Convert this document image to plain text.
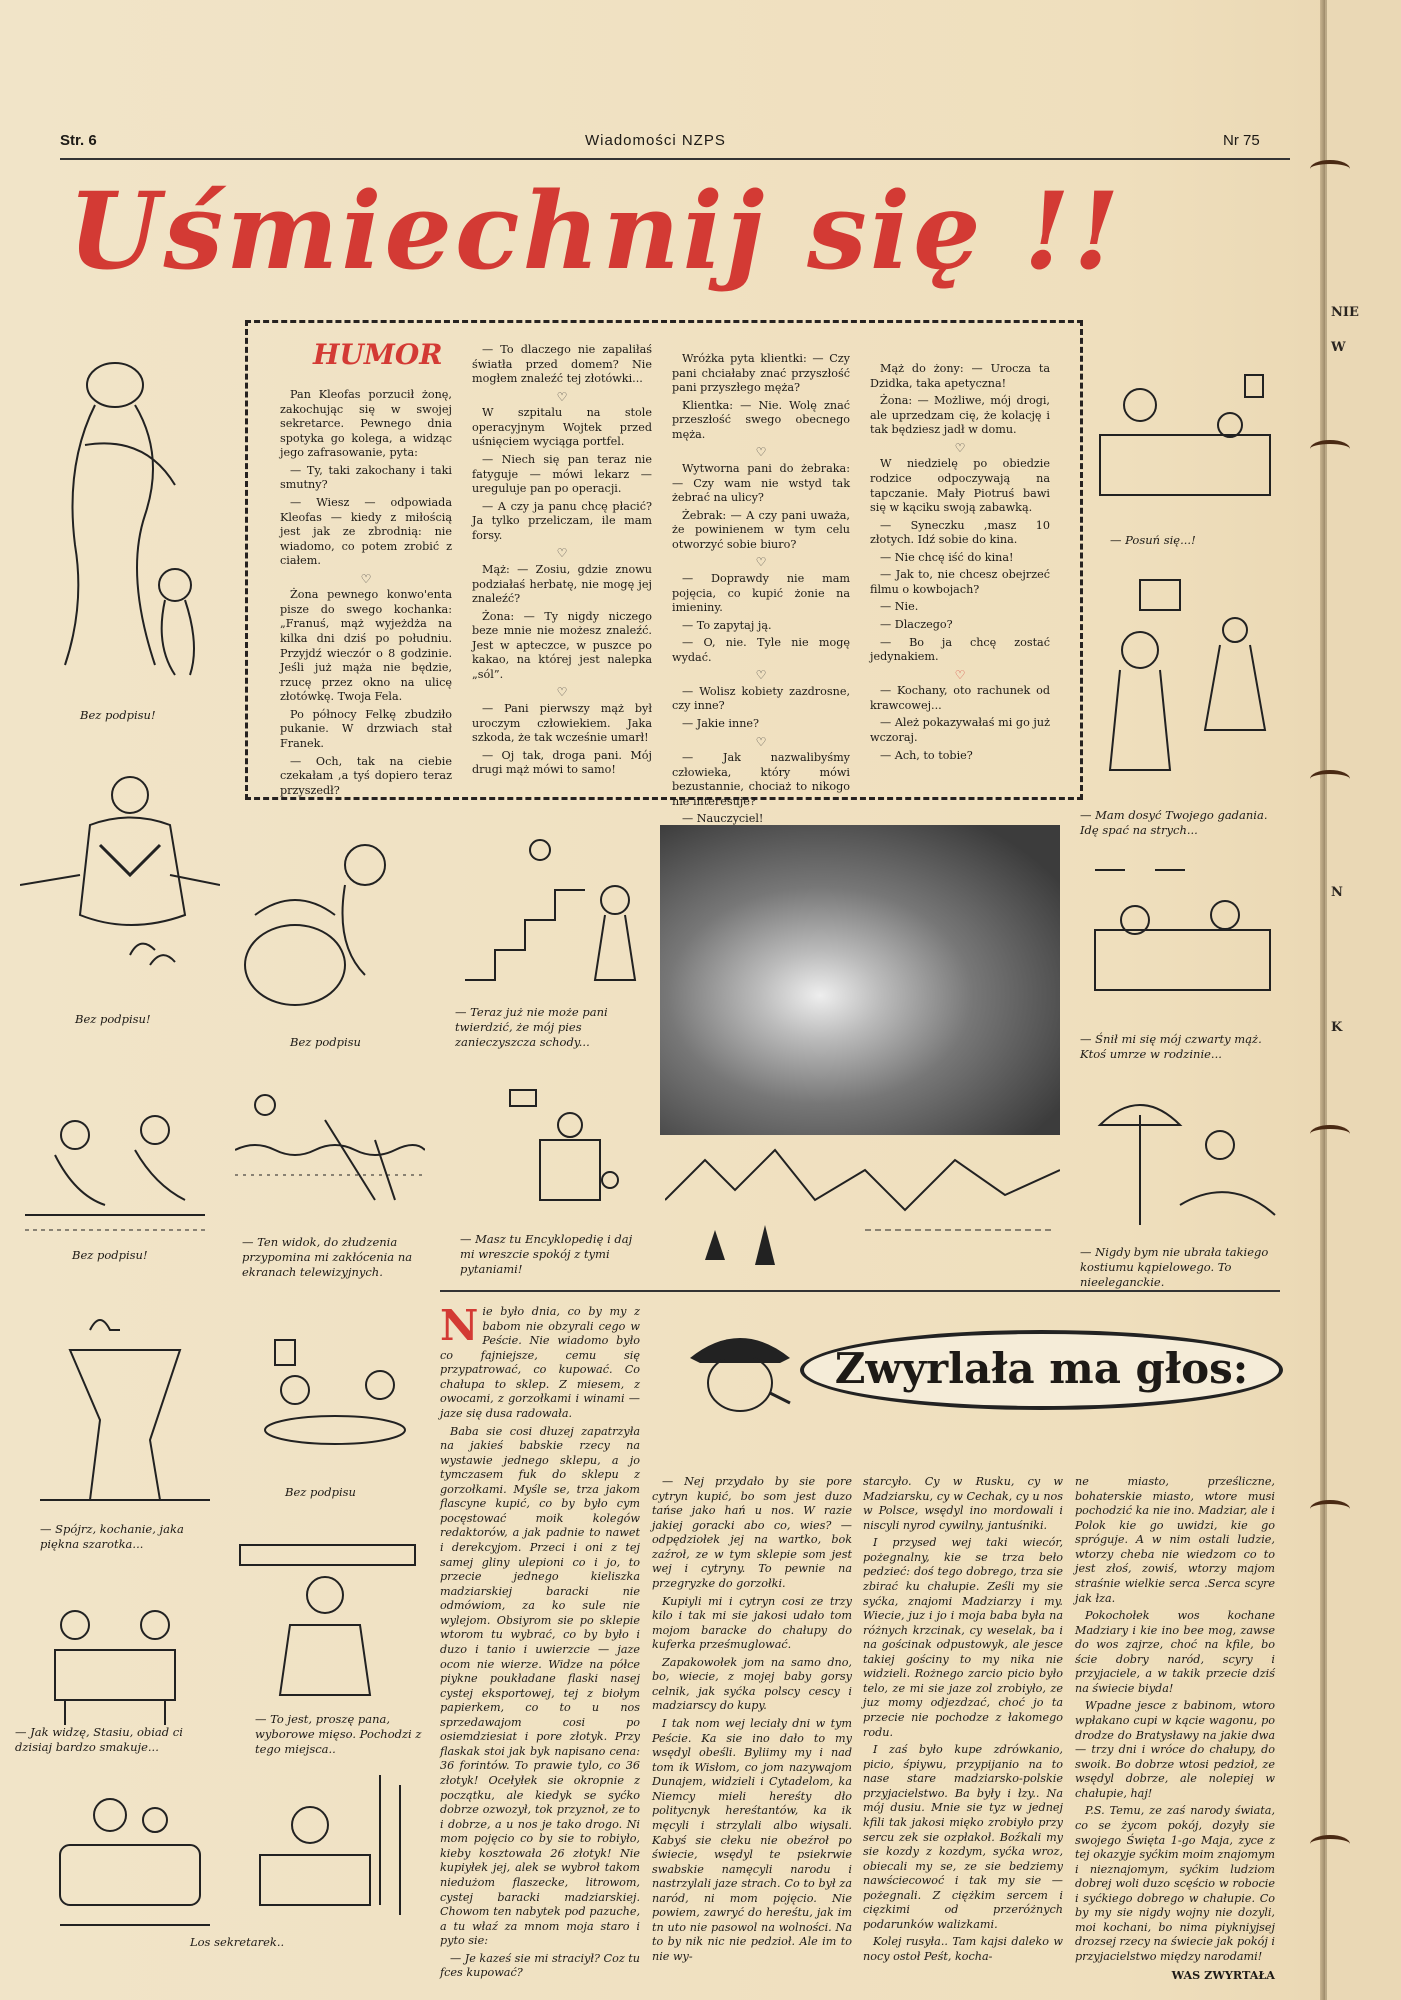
Str. 6	Wiadomości NZPS	Nr 75
Uśmiechnij się !!
HUMOR

Pan Kleofas porzucił żonę, zakochując się w swojej sekretarce. Pewnego dnia spotyka go kolega, a widząc jego zafrasowanie, pyta:

— Ty, taki zakochany i taki smutny?

— Wiesz — odpowiada Kleofas — kiedy z miłością jest jak ze zbrodnią: nie wiadomo, co potem zrobić z ciałem.

♡

Żona pewnego konwo'enta pisze do swego kochanka: „Franuś, mąż wyjeżdża na kilka dni dziś po południu. Przyjdź wieczór o 8 godzinie. Jeśli już mąża nie będzie, rzucę przez okno na ulicę złotówkę. Twoja Fela.

Po północy Felkę zbudziło pukanie. W drzwiach stał Franek.

— Och, tak na ciebie czekałam ,a tyś dopiero teraz przyszedł?

— To dlaczego nie zapaliłaś światła przed domem? Nie mogłem znaleźć tej złotówki...

♡

W szpitalu na stole operacyjnym Wojtek przed uśnięciem wyciąga portfel.

— Niech się pan teraz nie fatyguje — mówi lekarz — ureguluje pan po operacji.

— A czy ja panu chcę płacić? Ja tylko przeliczam, ile mam forsy.

♡

Mąż: — Zosiu, gdzie znowu podziałaś herbatę, nie mogę jej znaleźć?

Żona: — Ty nigdy niczego beze mnie nie możesz znaleźć. Jest w apteczce, w puszce po kakao, na której jest nalepka „sól”.

♡

— Pani pierwszy mąż był uroczym człowiekiem. Jaka szkoda, że tak wcześnie umarł!

— Oj tak, droga pani. Mój drugi mąż mówi to samo!

Wróżka pyta klientki: — Czy pani chciałaby znać przyszłość pani przyszłego męża?

Klientka: — Nie. Wolę znać przeszłość swego obecnego męża.

♡

Wytworna pani do żebraka: — Czy wam nie wstyd tak żebrać na ulicy?

Żebrak: — A czy pani uważa, że powinienem w tym celu otworzyć sobie biuro?

♡

— Doprawdy nie mam pojęcia, co kupić żonie na imieniny.

— To zapytaj ją.

— O, nie. Tyle nie mogę wydać.

♡

— Wolisz kobiety zazdrosne, czy inne?

— Jakie inne?

♡

— Jak nazwalibyśmy człowieka, który mówi bezustannie, chociaż to nikogo nie interesuje?

— Nauczyciel!

Mąż do żony: — Urocza ta Dzidka, taka apetyczna!

Żona: — Możliwe, mój drogi, ale uprzedzam cię, że kolację i tak będziesz jadł w domu.

♡

W niedzielę po obiedzie rodzice odpoczywają na tapczanie. Mały Piotruś bawi się w kąciku swoją zabawką.

— Syneczku ,masz 10 złotych. Idź sobie do kina.

— Nie chcę iść do kina!

— Jak to, nie chcesz obejrzeć filmu o kowbojach?

— Nie.

— Dlaczego?

— Bo ja chcę zostać jedynakiem.

♡

— Kochany, oto rachunek od krawcowej...

— Ależ pokazywałaś mi go już wczoraj.

— Ach, to tobie?

Bez podpisu!
Bez podpisu!
Bez podpisu!
— Spójrz, kochanie, jaka piękna szarotka...
— Jak widzę, Stasiu, obiad ci dzisiaj bardzo smakuje...
Bez podpisu
— Ten widok, do złudzenia przypomina mi zakłócenia na ekranach telewizyjnych.
Bez podpisu
— To jest, proszę pana, wyborowe mięso. Pochodzi z tego miejsca..
Los sekretarek..
— Teraz już nie może pani twierdzić, że mój pies zanieczyszcza schody...
— Masz tu Encyklopedię i daj mi wreszcie spokój z tymi pytaniami!
— Posuń się...!
— Mam dosyć Twojego gadania. Idę spać na strych...
— Śnił mi się mój czwarty mąż. Ktoś umrze w rodzinie...
— Nigdy bym nie ubrała takiego kostiumu kąpielowego. To nieeleganckie.
Zwyrlała ma głos:

Nie było dnia, co by my z babom nie obzyrali cego w Peście. Nie wiadomo było co fajniejsze, cemu się przypatrować, co kupować. Co chałupa to sklep. Z miesem, z owocami, z gorzołkami i winami — jaze się dusa radowała.

Baba sie cosi dłuzej zapatrzyła na jakieś babskie rzecy na wystawie jednego sklepu, a jo tymczasem fuk do sklepu z gorzołkami. Myśle se, trza jakom flascyne kupić, co by było cym pocęstować moik kolegów redaktorów, a jak padnie to nawet i derekcyjom. Przeci i oni z tej samej gliny ulepioni co i jo, to przecie jednego kieliszka madziarskiej baracki nie odmówiom, za ko sule nie wylejom. Obsiyrom sie po sklepie wtorom tu wybrać, co by było i duzo i tanio i uwierzcie — jaze ocom nie wierze. Widze na półce piykne poukładane flaski nasej cystej eksportowej, tej z biołym papierkem, co to u nos sprzedawajom cosi po osiemdziesiat i pore złotyk. Przy flaskak stoi jak byk napisano cena: 36 forintów. To prawie tylo, co 36 złotyk! Ocełyłek sie okropnie z początku, ale kiedyk se syćko dobrze ozwozył, tok przyznoł, ze to i dobrze, a u nos je tako drogo. Ni mom pojęcio co by sie to robiyło, kieby kosztowała 26 złotyk! Nie kupiyłek jej, alek se wybroł takom niedużom flaszecke, litrowom, cystej baracki madziarskiej. Chowom ten nabytek pod pazuche, a tu właź za mnom moja staro i pyto sie:

— Je kaześ sie mi straciył? Coz tu fces kupować?

— Nej przydało by sie pore cytryn kupić, bo som jest duzo tańse jako hań u nos. W razie jakiej goracki abo co, wies? — odpędziołek jej na wartko, bok zaźroł, ze w tym sklepie som jest wej i cytryny. To pewnie na przegryzke do gorzołki.

Kupiyli mi i cytryn cosi ze trzy kilo i tak mi sie jakosi udało tom mojom baracke do chałupy do kuferka prześmuglować.

Zapakowołek jom na samo dno, bo, wiecie, z mojej baby gorsy celnik, jak syćka polscy cescy i madziarscy do kupy.

I tak nom wej leciały dni w tym Peście. Ka sie ino dało to my wsędyl obeśli. Byliimy my i nad tom ik Wisłom, co jom nazywajom Dunajem, widzieli i Cytadelom, ka Niemcy mieli hereśty dło politycnyk hereśtantów, ka ik męcyli i strzylali albo wiysali. Kabyś sie cłeku nie obeźroł po świecie, wsędyl te psiekrwie swabskie namęcyli narodu i nastrzylali jaze strach. Co to był za naród, ni mom pojęcio. Nie powiem, zawryć do hereśtu, jak im tn uto nie pasowol na wolności. Na to by nik nic nie pedzioł. Ale im to nie wy-

starcyło. Cy w Rusku, cy w Madziarsku, cy w Cechak, cy u nos w Polsce, wsędyl ino mordowali i niscyli nyrod cywilny, jantuśniki.

I przysed wej taki wiecór, pożegnalny, kie se trza beło pedzieć: doś tego dobrego, trza sie zbirać ku chałupie. Ześli my sie syćka, znajomi Madziarzy i my. Wiecie, juz i jo i moja baba była na różnych krzcinak, cy weselak, ba i na gościnak odpustowyk, ale jesce takiej gościny to my nika nie widzieli. Rożnego zarcio picio było telo, ze mi sie jaze zol zrobiyło, ze juz momy odjezdzać, choć jo ta przecie nie pochodze z łakomego rodu.

I zaś było kupe zdrówkanio, picio, śpiywu, przypijanio na to nase stare madziarsko-polskie przyjacielstwo. Ba były i łzy.. Na mój dusiu. Mnie sie tyz w jednej kfili tak jakosi mięko zrobiyło przy sercu zek sie ozpłakoł. Boźkali my sie kozdy z kozdym, syćka wroz, obiecali my se, ze sie bedziemy nawściecowoć i tak my sie — pożegnali. Z ciężkim sercem i cięzkimi od przeróżnych podarunków walizkami.

Kolej rusyła.. Tam kajsi daleko w nocy ostoł Peśt, kocha-

ne miasto, prześliczne, bohaterskie miasto, wtore musi pochodzić ka nie ino. Madziar, ale i Polok kie go uwidzi, kie go spróguje. A w nim ostali ludzie, wtorzy cheba nie wiedzom co to jest złoś, zowiś, wtorzy majom straśnie wielkie serca .Serca scyre jak łza.

Pokochołek wos kochane Madziary i kie ino bee mog, zawse do wos zajrze, choć na kfile, bo ście dobry naród, scyry i przyjaciele, a w takik przecie dziś na świecie biyda!

Wpadne jesce z babinom, wtoro wpłakano cupi w kącie wagonu, po drodze do Bratysławy na jakie dwa — trzy dni i wróce do chałupy, do swoik. Bo dobrze wtosi pedzioł, ze wsędyl dobrze, ale nolepiej w chałupie, haj!

P.S. Temu, ze zaś narody świata, co se życom pokój, dozyły sie swojego Święta 1-go Maja, zyce z tej okazyje syćkim moim znajomym i nieznajomym, syćkim ludziom dobrej woli duzo scęścio w robocie i syćkiego dobrego w chałupie. Co by my sie nigdy wojny nie dozyli, moi kochani, bo nima piykniyjsej drozsej rzecy na świecie jak pokój i przyjacielstwo między narodami!

WAS ZWYRTAŁA

NIE
W
K
N
